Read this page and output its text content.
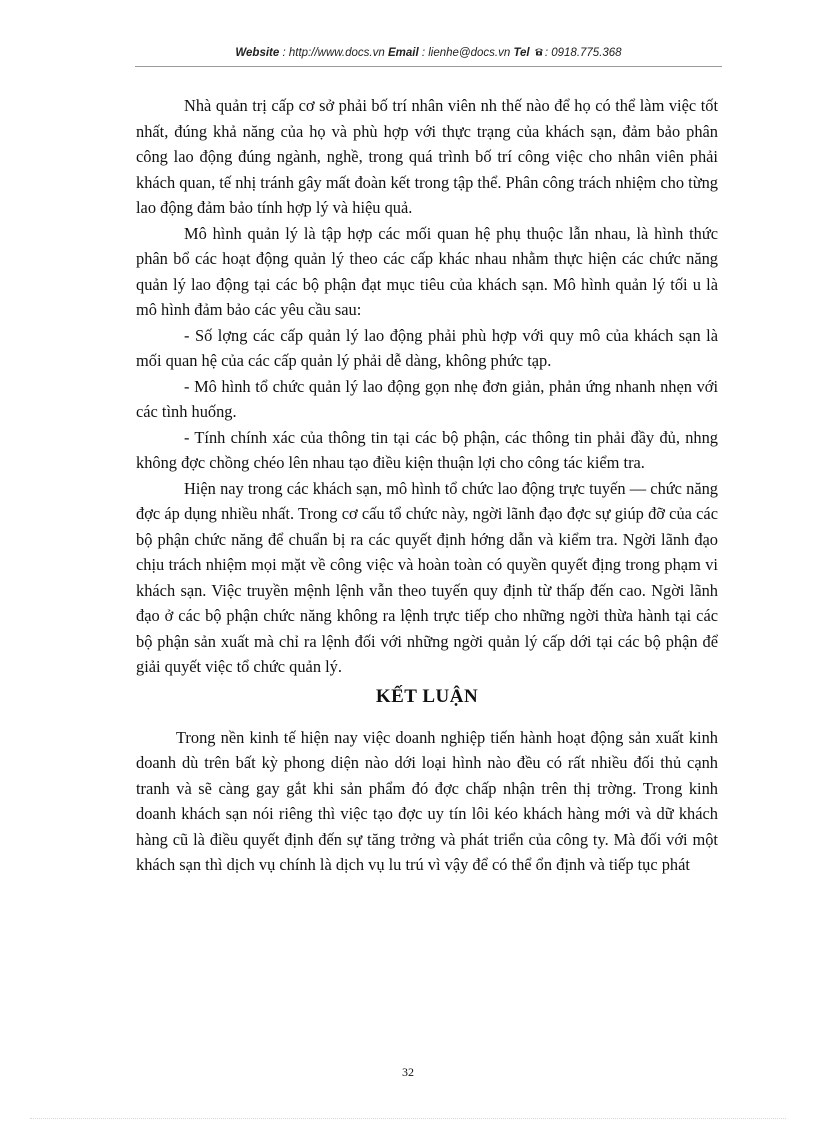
Website : http://www.docs.vn Email : lienhe@docs.vn Tel : 0918.775.368

Nhà quản trị cấp cơ sở phải bố trí nhân viên nh thế nào để họ có thể làm việc tốt nhất, đúng khả năng của họ và phù hợp với thực trạng của khách sạn, đảm bảo phân công lao động đúng ngành, nghề, trong quá trình bố trí công việc cho nhân viên phải khách quan, tế nhị tránh gây mất đoàn kết trong tập thể. Phân công trách nhiệm cho từng lao động đảm bảo tính hợp lý và hiệu quả.

Mô hình quản lý là tập hợp các mối quan hệ phụ thuộc lẫn nhau, là hình thức phân bổ các hoạt động quản lý theo các cấp khác nhau nhằm thực hiện các chức năng quản lý lao động tại các bộ phận đạt mục tiêu của khách sạn. Mô hình quản lý tối u là mô hình đảm bảo các yêu cầu sau:

- Số lợng các cấp quản lý lao động phải phù hợp với quy mô của khách sạn là mối quan hệ của các cấp quản lý phải dễ dàng, không phức tạp.

- Mô hình tổ chức quản lý lao động gọn nhẹ đơn giản, phản ứng nhanh nhẹn với các tình huống.

- Tính chính xác của thông tin tại các bộ phận, các thông tin phải đầy đủ, nhng không đợc chồng chéo lên nhau tạo điều kiện thuận lợi cho công tác kiểm tra.

Hiện nay trong các khách sạn, mô hình tổ chức lao động trực tuyến — chức năng đợc áp dụng nhiều nhất. Trong cơ cấu tổ chức này, ngời lãnh đạo đợc sự giúp đỡ của các bộ phận chức năng để chuẩn bị ra các quyết định hớng dẫn và kiểm tra. Ngời lãnh đạo chịu trách nhiệm mọi mặt về công việc và hoàn toàn có quyền quyết địng trong phạm vi khách sạn. Việc truyền mệnh lệnh vẫn theo tuyến quy định từ thấp đến cao. Ngời lãnh đạo ở các bộ phận chức năng không ra lệnh trực tiếp cho những ngời thừa hành tại các bộ phận sản xuất mà chỉ ra lệnh đối với những ngời quản lý cấp dới tại các bộ phận để giải quyết việc tổ chức quản lý.

KẾT LUẬN

Trong nền kinh tế hiện nay việc doanh nghiệp tiến hành hoạt động sản xuất kinh doanh dù trên bất kỳ phong diện nào dới loại hình nào đều có rất nhiều đối thủ cạnh tranh và sẽ càng gay gắt khi sản phẩm đó đợc chấp nhận trên thị trờng. Trong kinh doanh khách sạn nói riêng thì việc tạo đợc uy tín lôi kéo khách hàng mới và dữ khách hàng cũ là điều quyết định đến sự tăng trởng và phát triển của công ty. Mà đối với một khách sạn thì dịch vụ chính là dịch vụ lu trú vì vậy để có thể ổn định và tiếp tục phát

32
